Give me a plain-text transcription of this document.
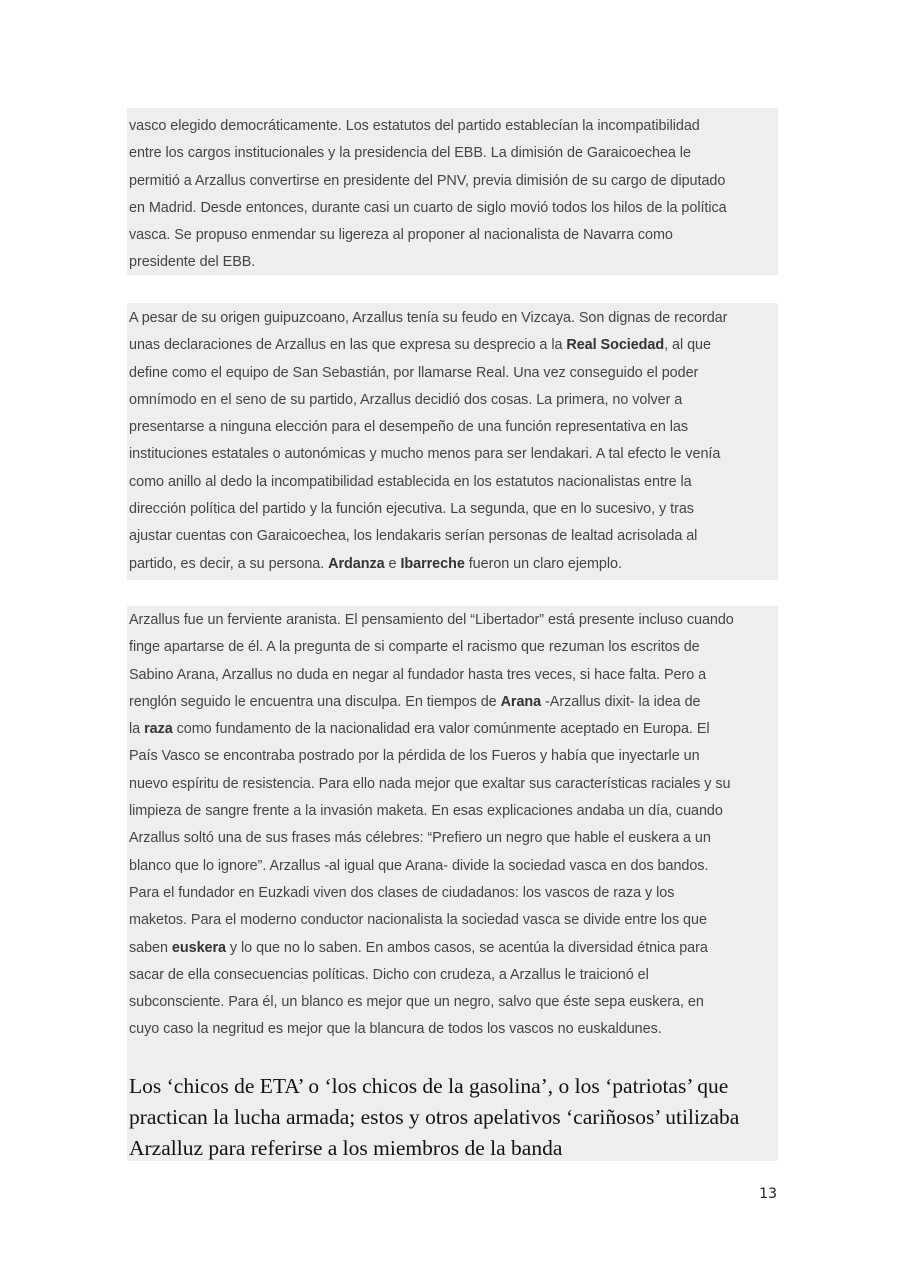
vasco elegido democráticamente. Los estatutos del partido establecían la incompatibilidad
entre los cargos institucionales y la presidencia del EBB. La dimisión de Garaicoechea le
permitió a Arzallus convertirse en presidente del PNV, previa dimisión de su cargo de diputado
en Madrid. Desde entonces, durante casi un cuarto de siglo movió todos los hilos de la política
vasca. Se propuso enmendar su ligereza al proponer al nacionalista de Navarra como
presidente del EBB.
A pesar de su origen guipuzcoano, Arzallus tenía su feudo en Vizcaya. Son dignas de recordar
unas declaraciones de Arzallus en las que expresa su desprecio a la Real Sociedad, al que
define como el equipo de San Sebastián, por llamarse Real. Una vez conseguido el poder
omnímodo en el seno de su partido, Arzallus decidió dos cosas. La primera, no volver a
presentarse a ninguna elección para el desempeño de una función representativa en las
instituciones estatales o autonómicas y mucho menos para ser lendakari. A tal efecto le venía
como anillo al dedo la incompatibilidad establecida en los estatutos nacionalistas entre la
dirección política del partido y la función ejecutiva. La segunda, que en lo sucesivo, y tras
ajustar cuentas con Garaicoechea, los lendakaris serían personas de lealtad acrisolada al
partido, es decir, a su persona. Ardanza e Ibarreche fueron un claro ejemplo.
Arzallus fue un ferviente aranista. El pensamiento del “Libertador” está presente incluso cuando
finge apartarse de él. A la pregunta de si comparte el racismo que rezuman los escritos de
Sabino Arana, Arzallus no duda en negar al fundador hasta tres veces, si hace falta. Pero a
renglón seguido le encuentra una disculpa. En tiempos de Arana -Arzallus dixit- la idea de
la raza como fundamento de la nacionalidad era valor comúnmente aceptado en Europa. El
País Vasco se encontraba postrado por la pérdida de los Fueros y había que inyectarle un
nuevo espíritu de resistencia. Para ello nada mejor que exaltar sus características raciales y su
limpieza de sangre frente a la invasión maketa. En esas explicaciones andaba un día, cuando
Arzallus soltó una de sus frases más célebres: “Prefiero un negro que hable el euskera a un
blanco que lo ignore”. Arzallus -al igual que Arana- divide la sociedad vasca en dos bandos.
Para el fundador en Euzkadi viven dos clases de ciudadanos: los vascos de raza y los
maketos. Para el moderno conductor nacionalista la sociedad vasca se divide entre los que
saben euskera y lo que no lo saben. En ambos casos, se acentúa la diversidad étnica para
sacar de ella consecuencias políticas. Dicho con crudeza, a Arzallus le traicionó el
subconsciente. Para él, un blanco es mejor que un negro, salvo que éste sepa euskera, en
cuyo caso la negritud es mejor que la blancura de todos los vascos no euskaldunes.
Los ‘chicos de ETA’ o ‘los chicos de la gasolina’, o los ‘patriotas’ que
practican la lucha armada; estos y otros apelativos ‘cariñosos’ utilizaba
Arzalluz para referirse a los miembros de la banda
13
